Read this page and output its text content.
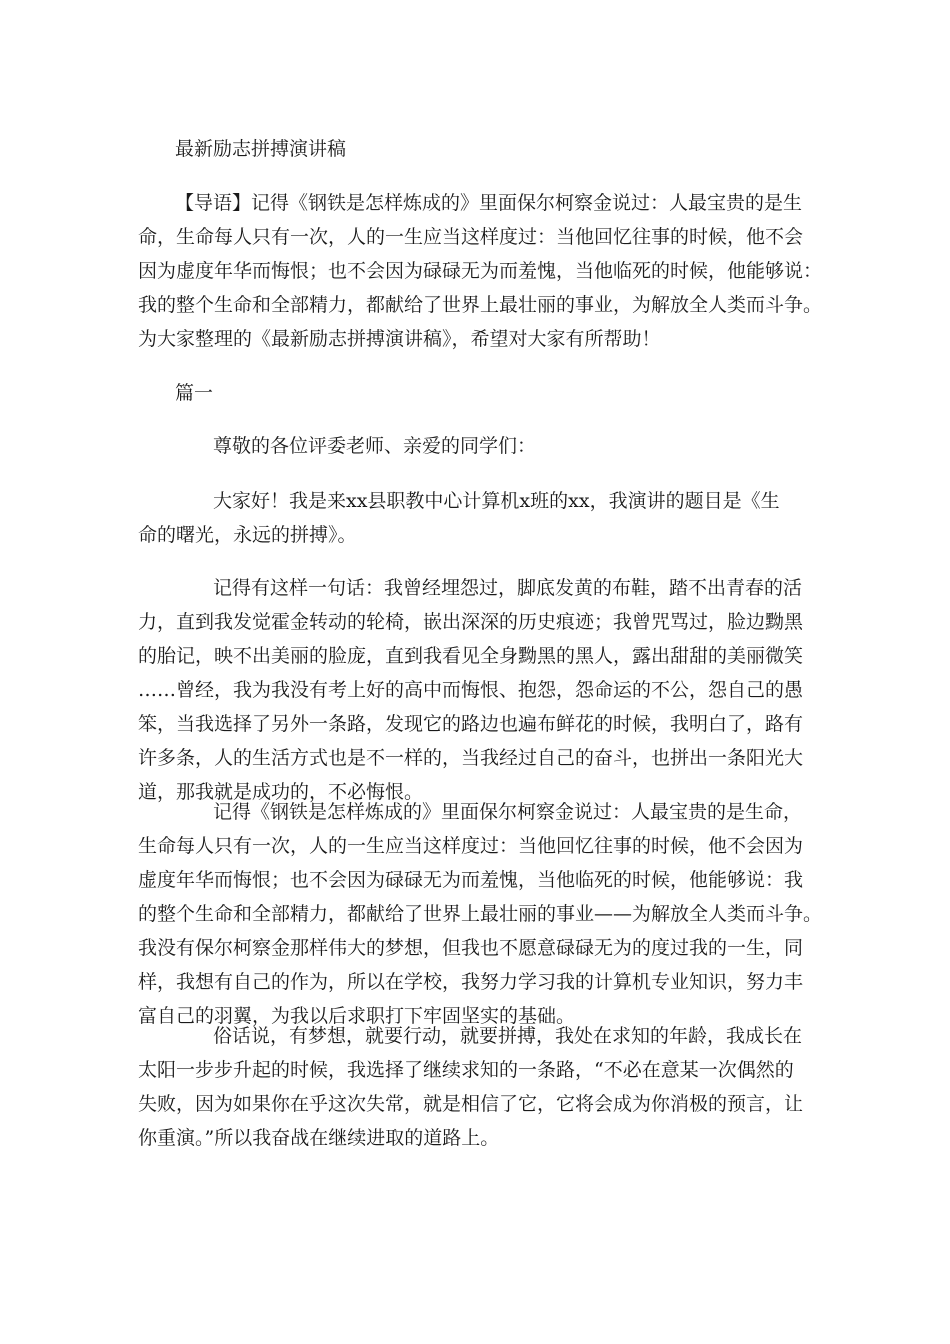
最新励志拼搏演讲稿
【导语】记得《钢铁是怎样炼成的》里面保尔柯察金说过：人最宝贵的是生
命，生命每人只有一次，人的一生应当这样度过：当他回忆往事的时候，他不会
因为虚度年华而悔恨；也不会因为碌碌无为而羞愧，当他临死的时候，他能够说：
我的整个生命和全部精力，都献给了世界上最壮丽的事业，为解放全人类而斗争。
为大家整理的《最新励志拼搏演讲稿》，希望对大家有所帮助！
篇一
尊敬的各位评委老师、亲爱的同学们：
大家好！我是来xx县职教中心计算机x班的xx，我演讲的题目是《生
命的曙光，永远的拼搏》。
记得有这样一句话：我曾经埋怨过，脚底发黄的布鞋，踏不出青春的活
力，直到我发觉霍金转动的轮椅，嵌出深深的历史痕迹；我曾咒骂过，脸边黝黑
的胎记，映不出美丽的脸庞，直到我看见全身黝黑的黑人，露出甜甜的美丽微笑
……曾经，我为我没有考上好的高中而悔恨、抱怨，怨命运的不公，怨自己的愚
笨，当我选择了另外一条路，发现它的路边也遍布鲜花的时候，我明白了，路有
许多条，人的生活方式也是不一样的，当我经过自己的奋斗，也拼出一条阳光大
道，那我就是成功的，不必悔恨。
记得《钢铁是怎样炼成的》里面保尔柯察金说过：人最宝贵的是生命，
生命每人只有一次，人的一生应当这样度过：当他回忆往事的时候，他不会因为
虚度年华而悔恨；也不会因为碌碌无为而羞愧，当他临死的时候，他能够说：我
的整个生命和全部精力，都献给了世界上最壮丽的事业——为解放全人类而斗争。
我没有保尔柯察金那样伟大的梦想，但我也不愿意碌碌无为的度过我的一生，同
样，我想有自己的作为，所以在学校，我努力学习我的计算机专业知识，努力丰
富自己的羽翼，为我以后求职打下牢固坚实的基础。
俗话说，有梦想，就要行动，就要拼搏，我处在求知的年龄，我成长在
太阳一步步升起的时候，我选择了继续求知的一条路，“不必在意某一次偶然的
失败，因为如果你在乎这次失常，就是相信了它，它将会成为你消极的预言，让
你重演。”所以我奋战在继续进取的道路上。
